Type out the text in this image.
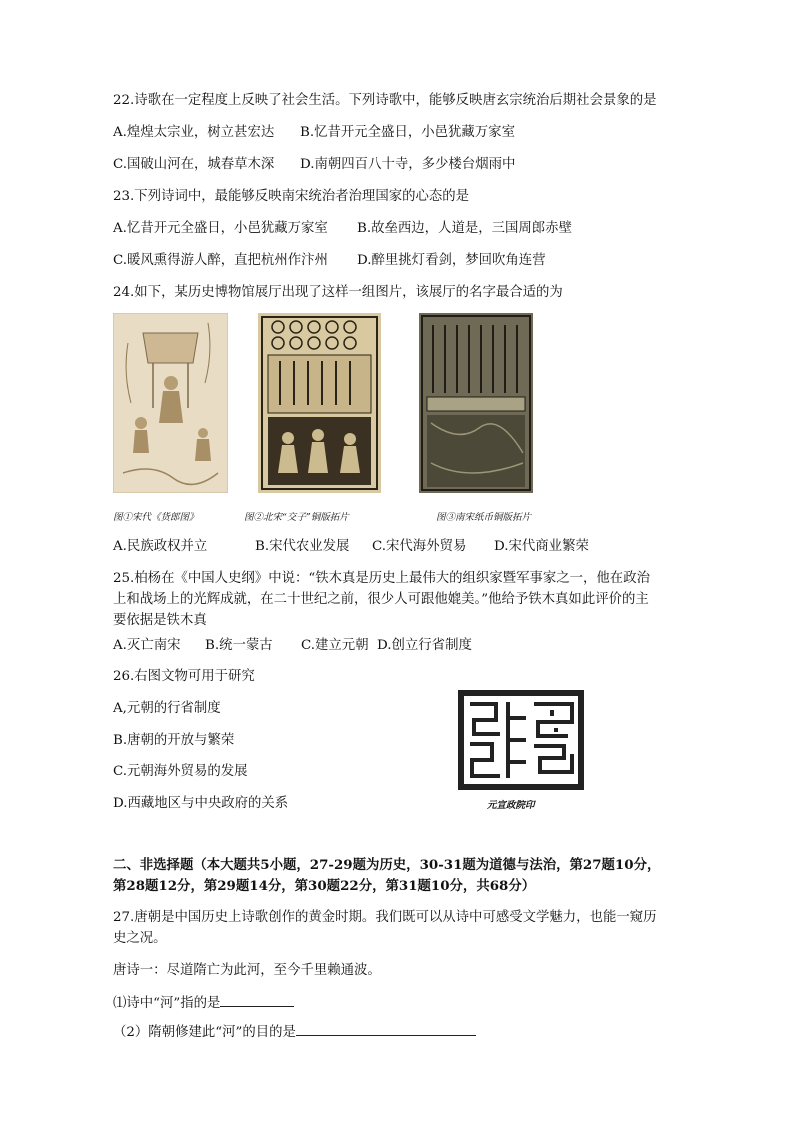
22.诗歌在一定程度上反映了社会生活。下列诗歌中，能够反映唐玄宗统治后期社会景象的是
A.煌煌太宗业，树立甚宏达 B.忆昔开元全盛日，小邑犹藏万家室
C.国破山河在，城春草木深 D.南朝四百八十寺，多少楼台烟雨中
23.下列诗词中，最能够反映南宋统治者治理国家的心态的是
A.忆昔开元全盛日，小邑犹藏万家室 B.故垒西边，人道是，三国周郎赤壁
C.暖风熏得游人醉，直把杭州作汴州 D.醉里挑灯看剑，梦回吹角连营
24.如下，某历史博物馆展厅出现了这样一组图片，该展厅的名字最合适的为
图①宋代《货郎图》	图②北宋“交子”铜版拓片	图③南宋纸币铜版拓片
A.民族政权并立	B.宋代农业发展 C.宋代海外贸易 D.宋代商业繁荣
25.柏杨在《中国人史纲》中说：“铁木真是历史上最伟大的组织家暨军事家之一，他在政治
上和战场上的光辉成就，在二十世纪之前，很少人可跟他媲美。”他给予铁木真如此评价的主
要依据是铁木真
A.灭亡南宋 B.统一蒙古 C.建立元朝 D.创立行省制度
26.右图文物可用于研究
A,元朝的行省制度
B.唐朝的开放与繁荣
C.元朝海外贸易的发展
D.西藏地区与中央政府的关系	元宣政院印
二、非选择题（本大题共5小题，27-29题为历史，30-31题为道德与法治，第27题10分，
第28题12分，第29题14分，第30题22分，第31题10分，共68分）
27.唐朝是中国历史上诗歌创作的黄金时期。我们既可以从诗中可感受文学魅力，也能一窥历
史之况。
唐诗一：尽道隋亡为此河，至今千里赖通波。
⑴诗中“河”指的是
（2）隋朝修建此“河”的目的是
